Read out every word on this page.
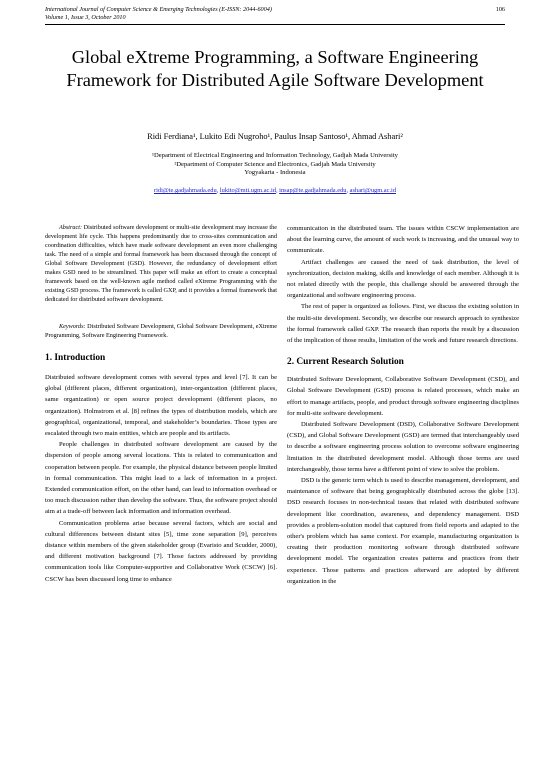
International Journal of Computer Science & Emerging Technologies (E-ISSN: 2044-6004)
Volume 1, Issue 3, October 2010
106
Global eXtreme Programming, a Software Engineering Framework for Distributed Agile Software Development
Ridi Ferdiana¹, Lukito Edi Nugroho¹, Paulus Insap Santoso¹, Ahmad Ashari²
¹Department of Electrical Engineering and Information Technology, Gadjah Mada University
²Department of Computer Science and Electronics, Gadjah Mada University
Yogyakarta - Indonesia
ridi@te.gadjahmada.edu, lukito@mti.ugm.ac.id, insap@te.gadjahmada.edu, ashari@ugm.ac.id

Abstract: Distributed software development or multi-site development may increase the development life cycle. This happens predominantly due to cross-sites communication and coordination difficulties, which have made software development an even more challenging task. The need of a simple and formal framework has been discussed through the concept of Global Software Development (GSD). However, the redundancy of development effort makes GSD need to be streamlined. This paper will make an effort to create a conceptual framework based on the well-known agile method called eXtreme Programming with the existing GSD process. The framework is called GXP, and it provides a formal framework that dedicated for distributed software development.

Keywords: Distributed Software Development, Global Software Development, eXtreme Programming, Software Engineering Framework.

1. Introduction

Distributed software development comes with several types and level [7]. It can be global (different places, different organization), inter-organization (different places, same organization) or open source project development (different places, no organization). Holmstrom et al. [8] refines the types of distribution models, which are geographical, organizational, temporal, and stakeholder’s boundaries. Those types are escalated through two main entities, which are people and its artifacts.

People challenges in distributed software development are caused by the dispersion of people among several locations. This is related to communication and cooperation between people. For example, the physical distance between people limited in formal communication. This might lead to a lack of information in a project. Extended communication effort, on the other hand, can lead to information overhead or too much discussion rather than develop the software. Thus, the software project should aim at a trade-off between lack information and information overhead.

Communication problems arise because several factors, which are social and cultural differences between distant sites [5], time zone separation [9], perceives distance within members of the given stakeholder group (Evaristo and Scudder, 2000), and different motivation background [7]. Those factors addressed by providing communication tools like Computer-supportive and Collaborative Work (CSCW) [6]. CSCW has been discussed long time to enhance

communication in the distributed team. The issues within CSCW implementation are about the learning curve, the amount of such work is increasing, and the unusual way to communicate.

Artifact challenges are caused the need of task distribution, the level of synchronization, decision making, skills and knowledge of each member. Although it is not related directly with the people, this challenge should be answered through the organizational and software engineering process.

The rest of paper is organized as follows. First, we discuss the existing solution in the multi-site development. Secondly, we describe our research approach to synthesize the formal framework called GXP. The research than reports the result by a discussion of the implication of those results, limitation of the work and future research directions.

2. Current Research Solution

Distributed Software Development, Collaborative Software Development (CSD), and Global Software Development (GSD) process is related processes, which make an effort to manage artifacts, people, and product through software engineering disciplines for multi-site software development.

Distributed Software Development (DSD), Collaborative Software Development (CSD), and Global Software Development (GSD) are termed that interchangeably used to describe a software engineering process solution to overcome software engineering limitation in the distributed development model. Although those terms are used interchangeably, those terms have a different point of view to solve the problem.

DSD is the generic term which is used to describe management, development, and maintenance of software that being geographically distributed across the globe [13]. DSD research focuses in non-technical issues that related with distributed software development like coordination, awareness, and dependency management. DSD provides a problem-solution model that captured from field reports and adapted to the other's problem which has same context. For example, manufacturing organization is creating their production monitoring software through distributed software development model. The organization creates patterns and practices from their experience. Those patterns and practices afterward are adopted by different organization in the
